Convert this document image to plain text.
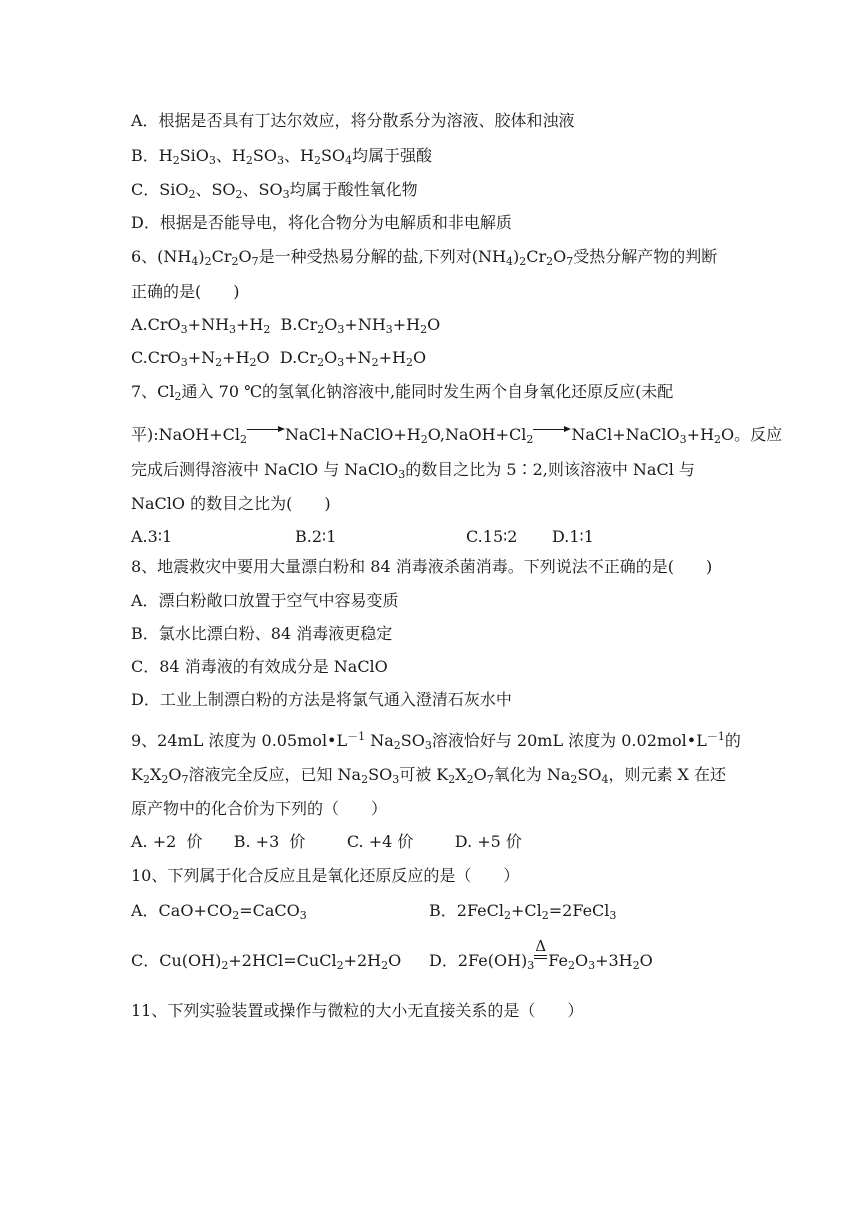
A．根据是否具有丁达尔效应，将分散系分为溶液、胶体和浊液
B．$H_2SiO_3$、$H_2SO_3$、$H_2SO_4$均属于强酸
C．SiO$_2$、$SO_2$、$SO_3$均属于酸性氧化物
D．根据是否能导电，将化合物分为电解质和非电解质
6、$(NH_4)_2Cr_2O_7$是一种受热易分解的盐,下列对$(NH_4)_2Cr_2O_7$受热分解产物的判断
正确的是(　　)
$A.CrO_3+NH_3+H_2$  $B.Cr_2O_3+NH_3+H_2O$
$C.CrO_3+N_2+H_2O$  $D.Cr_2O_3+N_2+H_2O$
7、$Cl_2$通入 70 ℃的氢氧化钠溶液中,能同时发生两个自身氧化还原反应(未配
平)$:NaOH+Cl_2$ $NaCl+NaClO+H_2O,NaOH+Cl_2$ $NaCl+NaClO_3+H_2O$。反应
完成后测得溶液中 NaClO 与 NaClO$_3$的数目之比为 5∶2,则该溶液中 NaCl 与
NaClO 的数目之比为(　　)
A.3∶1	B.2∶1	C.15∶2 D.1∶1
8、地震救灾中要用大量漂白粉和 84 消毒液杀菌消毒。下列说法不正确的是(　　)
A．漂白粉敞口放置于空气中容易变质
B．氯水比漂白粉、84 消毒液更稳定
C．84 消毒液的有效成分是 NaClO
D．工业上制漂白粉的方法是将氯气通入澄清石灰水中
9、24mL 浓度为 $0.05mol•L^{-1}$ $Na_2SO_3$溶液恰好与 20mL 浓度为 $0.02mol•L^{-1}$的
$K_2X_2O_7$溶液完全反应，已知 $Na_2SO_3$可被 $K_2X_2O_7$氧化为 $Na_2SO_4$，则元素 X 在还
原产物中的化合价为下列的（　　）
A. +2  价　   B. +3  价　     C. +4 价　     D. +5 价
10、下列属于化合反应且是氧化还原反应的是（　　）
A．$CaO+CO_2=CaCO_3$	B．$2FeCl_2+Cl_2=2FeCl_3$
C．$Cu(OH)_2+2HCl=CuCl_2+2H_2O$ D．$2Fe(OH)_3$
Δ
$Fe_2O_3+3H_2O$
11、下列实验装置或操作与微粒的大小无直接关系的是（　　）
